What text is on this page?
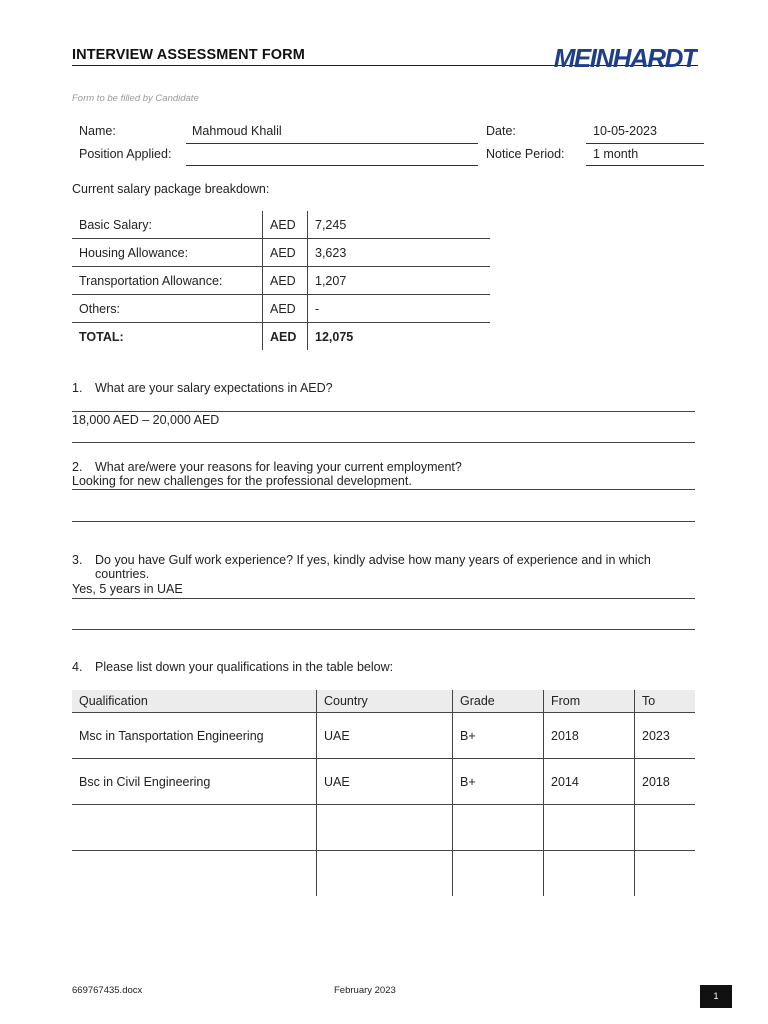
INTERVIEW ASSESSMENT FORM	MEINHARDT
Form to be filled by Candidate
Name:	Mahmoud Khalil
Position Applied:
Date:	10-05-2023
Notice Period: 1 month
Current salary package breakdown:
Basic Salary:	AED	7,245
Housing Allowance:	AED	3,623
Transportation Allowance:	AED	1,207
Others:	AED	-
TOTAL:	AED	12,075
1. What are your salary expectations in AED?
18,000 AED – 20,000 AED
2. What are/were your reasons for leaving your current employment?
Looking for new challenges for the professional development.
3. Do you have Gulf work experience? If yes, kindly advise how many years of experience and in which
countries.
Yes, 5 years in UAE
4. Please list down your qualifications in the table below:
Qualification	Country	Grade	From	To
Msc in Tansportation Engineering	UAE	B+	2018	2023
Bsc in Civil Engineering	UAE	B+	2014	2018

669767435.docx	February 2023	1
